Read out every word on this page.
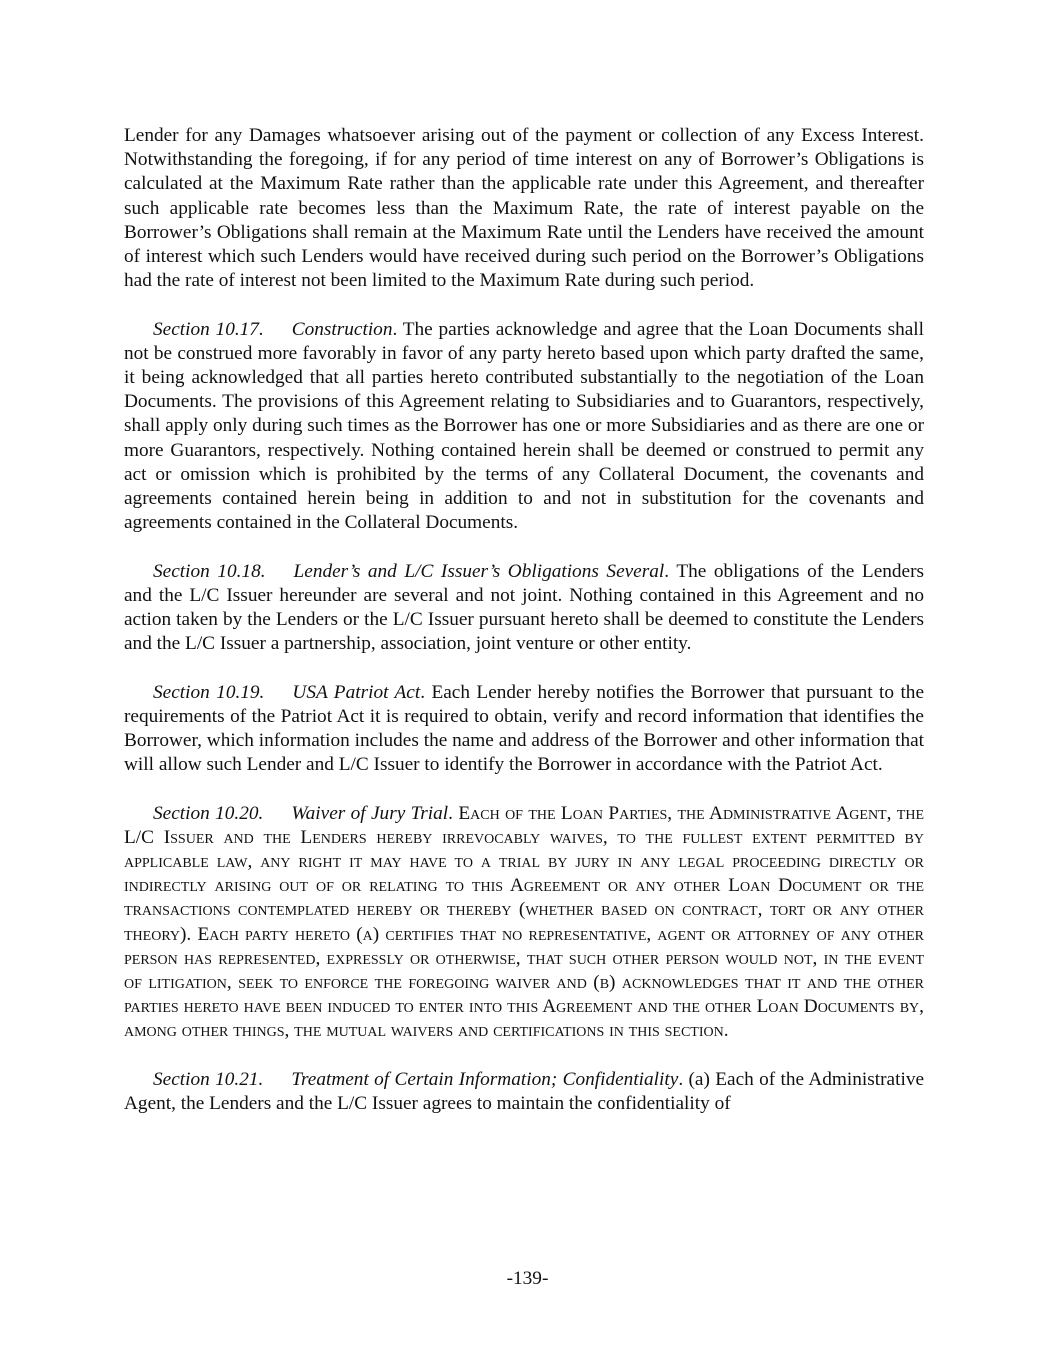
Lender for any Damages whatsoever arising out of the payment or collection of any Excess Interest. Notwithstanding the foregoing, if for any period of time interest on any of Borrower’s Obligations is calculated at the Maximum Rate rather than the applicable rate under this Agreement, and thereafter such applicable rate becomes less than the Maximum Rate, the rate of interest payable on the Borrower’s Obligations shall remain at the Maximum Rate until the Lenders have received the amount of interest which such Lenders would have received during such period on the Borrower’s Obligations had the rate of interest not been limited to the Maximum Rate during such period.

Section 10.17. Construction. The parties acknowledge and agree that the Loan Documents shall not be construed more favorably in favor of any party hereto based upon which party drafted the same, it being acknowledged that all parties hereto contributed substantially to the negotiation of the Loan Documents. The provisions of this Agreement relating to Subsidiaries and to Guarantors, respectively, shall apply only during such times as the Borrower has one or more Subsidiaries and as there are one or more Guarantors, respectively. Nothing contained herein shall be deemed or construed to permit any act or omission which is prohibited by the terms of any Collateral Document, the covenants and agreements contained herein being in addition to and not in substitution for the covenants and agreements contained in the Collateral Documents.

Section 10.18. Lender’s and L/C Issuer’s Obligations Several. The obligations of the Lenders and the L/C Issuer hereunder are several and not joint. Nothing contained in this Agreement and no action taken by the Lenders or the L/C Issuer pursuant hereto shall be deemed to constitute the Lenders and the L/C Issuer a partnership, association, joint venture or other entity.

Section 10.19. USA Patriot Act. Each Lender hereby notifies the Borrower that pursuant to the requirements of the Patriot Act it is required to obtain, verify and record information that identifies the Borrower, which information includes the name and address of the Borrower and other information that will allow such Lender and L/C Issuer to identify the Borrower in accordance with the Patriot Act.

Section 10.20. Waiver of Jury Trial. Each of the Loan Parties, the Administrative Agent, the L/C Issuer and the Lenders hereby irrevocably waives, to the fullest extent permitted by applicable law, any right it may have to a trial by jury in any legal proceeding directly or indirectly arising out of or relating to this Agreement or any other Loan Document or the transactions contemplated hereby or thereby (whether based on contract, tort or any other theory). Each party hereto (a) certifies that no representative, agent or attorney of any other person has represented, expressly or otherwise, that such other person would not, in the event of litigation, seek to enforce the foregoing waiver and (b) acknowledges that it and the other parties hereto have been induced to enter into this Agreement and the other Loan Documents by, among other things, the mutual waivers and certifications in this section.

Section 10.21. Treatment of Certain Information; Confidentiality. (a) Each of the Administrative Agent, the Lenders and the L/C Issuer agrees to maintain the confidentiality of

-139-
